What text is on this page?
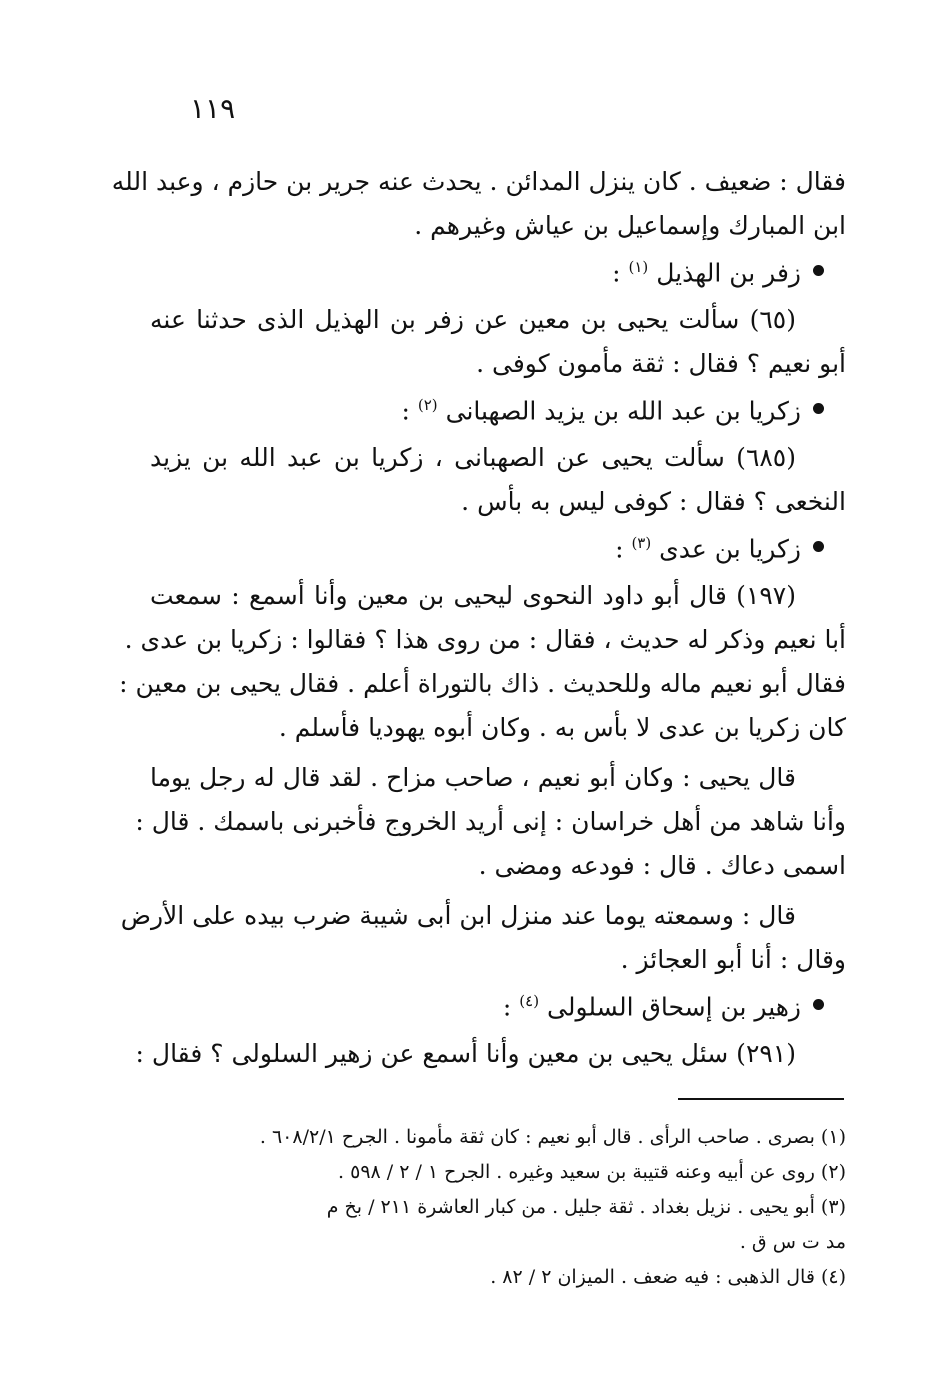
١١٩
فقال : ضعيف . كان ينزل المدائن . يحدث عنه جرير بن حازم ، وعبد الله
ابن المبارك وإسماعيل بن عياش وغيرهم .
زفر بن الهذيل $^{(١)}$ :
(٦٥) سألت يحيى بن معين عن زفر بن الهذيل الذى حدثنا عنه
أبو نعيم ؟ فقال : ثقة مأمون كوفى .
زكريا بن عبد الله بن يزيد الصهبانى $^{(٢)}$ :
(٦٨٥) سألت يحيى عن الصهبانى ، زكريا بن عبد الله بن يزيد
النخعى ؟ فقال : كوفى ليس به بأس .
زكريا بن عدى $^{(٣)}$ :
(١٩٧) قال أبو داود النحوى ليحيى بن معين وأنا أسمع : سمعت
أبا نعيم وذكر له حديث ، فقال : من روى هذا ؟ فقالوا : زكريا بن عدى .
فقال أبو نعيم ماله وللحديث . ذاك بالتوراة أعلم . فقال يحيى بن معين :
كان زكريا بن عدى لا بأس به . وكان أبوه يهوديا فأسلم .
قال يحيى : وكان أبو نعيم ، صاحب مزاح . لقد قال له رجل يوما
وأنا شاهد من أهل خراسان : إنى أريد الخروج فأخبرنى باسمك . قال :
اسمى دعاك . قال : فودعه ومضى .
قال : وسمعته يوما عند منزل ابن أبى شيبة ضرب بيده على الأرض
وقال : أنا أبو العجائز .
زهير بن إسحاق السلولى $^{(٤)}$ :
(٢٩١) سئل يحيى بن معين وأنا أسمع عن زهير السلولى ؟ فقال :
(١) بصرى . صاحب الرأى . قال أبو نعيم : كان ثقة مأمونا . الجرح ٦٠٨/٢/١ .
(٢) روى عن أبيه وعنه قتيبة بن سعيد وغيره . الجرح ١ / ٢ / ٥٩٨ .
(٣) أبو يحيى . نزيل بغداد . ثقة جليل . من كبار العاشرة ٢١١ / بخ م
مد ت س ق .
(٤) قال الذهبى : فيه ضعف . الميزان ٢ / ٨٢ .
